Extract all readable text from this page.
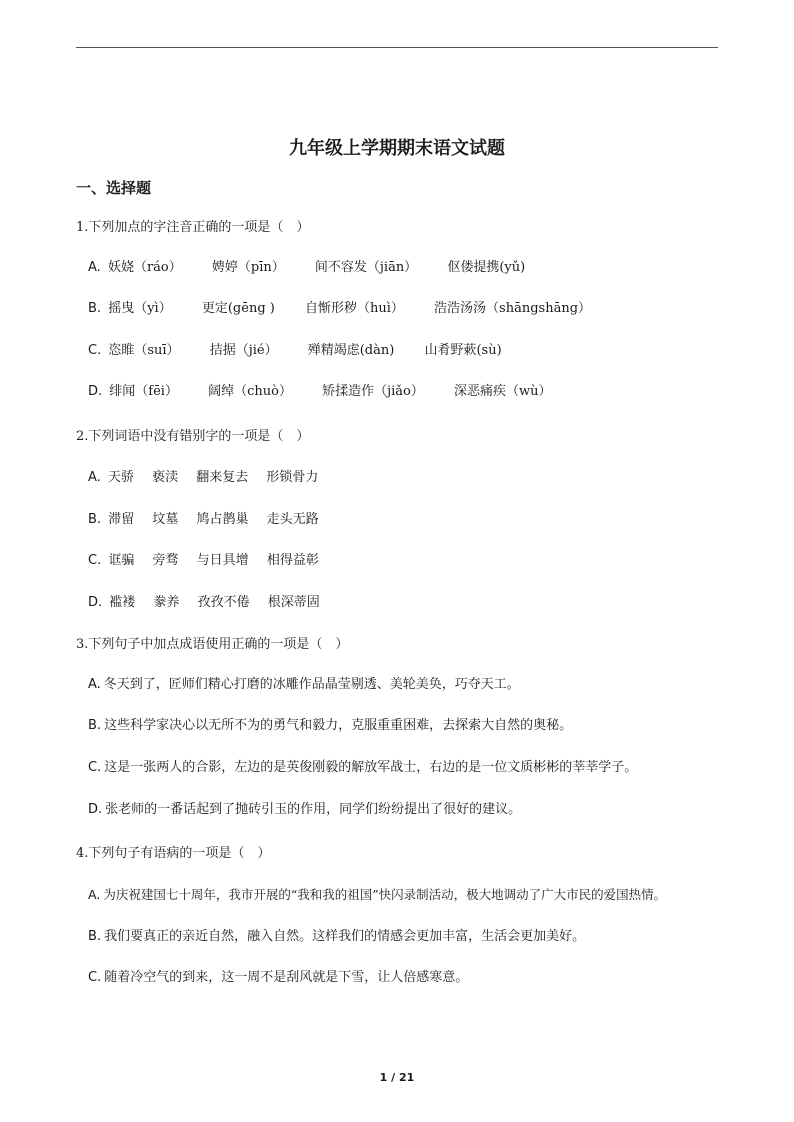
九年级上学期期末语文试题
一、选择题
1.下列加点的字注音正确的一项是（　）
A. 妖娆（ráo） 娉婷（pīn） 间不容发（jiān） 伛偻提携(yǔ)
B. 摇曳（yì） 更定(gēng ) 自惭形秽（huì） 浩浩汤汤（shāngshāng）
C. 恣睢（suī） 拮据（jié） 殚精竭虑(dàn) 山肴野蔌(sù)
D. 绯闻（fēi） 阔绰（chuò） 矫揉造作（jiǎo） 深恶痛疾（wù）
2.下列词语中没有错别字的一项是（　）
A. 天骄 亵渎 翻来复去 形锁骨力
B. 滞留 坟墓 鸠占鹊巢 走头无路
C. 诓骗 旁骛 与日具增 相得益彰
D. 褴褛 豢养 孜孜不倦 根深蒂固
3.下列句子中加点成语使用正确的一项是（　）
A. 冬天到了，匠师们精心打磨的冰雕作品晶莹剔透、美轮美奂，巧夺天工。
B. 这些科学家决心以无所不为的勇气和毅力，克服重重困难，去探索大自然的奥秘。
C. 这是一张两人的合影，左边的是英俊刚毅的解放军战士，右边的是一位文质彬彬的莘莘学子。
D. 张老师的一番话起到了抛砖引玉的作用，同学们纷纷提出了很好的建议。
4.下列句子有语病的一项是（　）
A. 为庆祝建国七十周年，我市开展的“我和我的祖国”快闪录制活动，极大地调动了广大市民的爱国热情。
B. 我们要真正的亲近自然，融入自然。这样我们的情感会更加丰富，生活会更加美好。
C. 随着冷空气的到来，这一周不是刮风就是下雪，让人倍感寒意。
1 / 21
